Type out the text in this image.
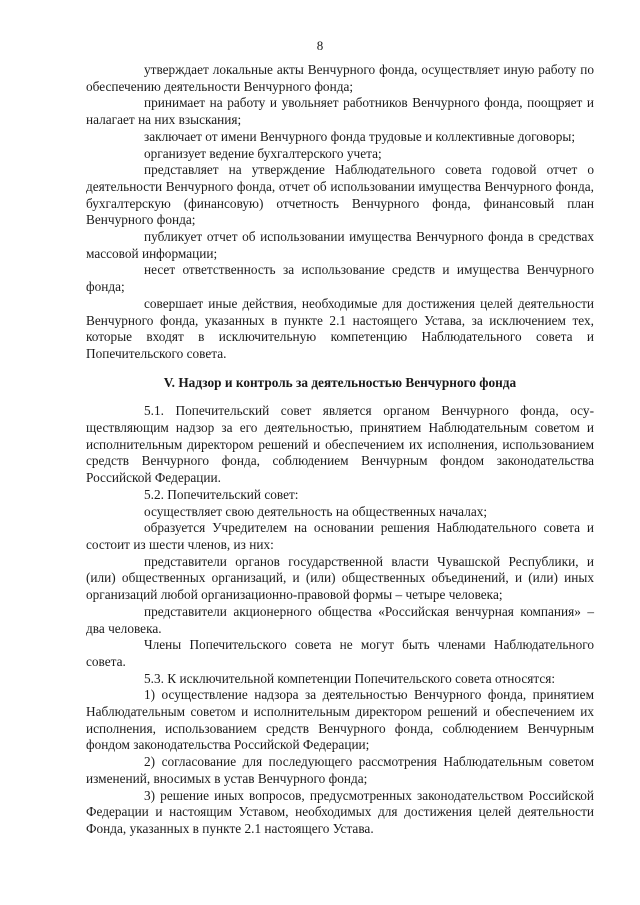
8

утверждает локальные акты Венчурного фонда, осуществляет иную работу по обеспечению деятельности Венчурного фонда;

принимает на работу и увольняет работников Венчурного фонда, поощряет и налагает на них взыскания;

заключает от имени Венчурного фонда трудовые и коллективные договоры;

организует ведение бухгалтерского учета;

представляет на утверждение Наблюдательного совета годовой отчет о деятельности Венчурного фонда, отчет об использовании имущества Венчурного фонда, бухгалтерскую (финансовую) отчетность Венчурного фонда, финансовый план Венчурного фонда;

публикует отчет об использовании имущества Венчурного фонда в средствах массовой информации;

несет ответственность за использование средств и имущества Венчурного фонда;

совершает иные действия, необходимые для достижения целей деятельности Венчурного фонда, указанных в пункте 2.1 настоящего Устава, за исключением тех, которые входят в исключительную компетенцию Наблюдательного совета и Попечительского совета.

V. Надзор и контроль за деятельностью Венчурного фонда

5.1. Попечительский совет является органом Венчурного фонда, осуществляющим надзор за его деятельностью, принятием Наблюдательным советом и исполнительным директором решений и обеспечением их исполнения, использованием средств Венчурного фонда, соблюдением Венчурным фондом законодательства Российской Федерации.

5.2. Попечительский совет:

осуществляет свою деятельность на общественных началах;

образуется Учредителем на основании решения Наблюдательного совета и состоит из шести членов, из них:

представители органов государственной власти Чувашской Республики, и (или) общественных организаций, и (или) общественных объединений, и (или) иных организаций любой организационно-правовой формы – четыре человека;

представители акционерного общества «Российская венчурная компания» – два человека.

Члены Попечительского совета не могут быть членами Наблюдательного совета.

5.3. К исключительной компетенции Попечительского совета относятся:

1) осуществление надзора за деятельностью Венчурного фонда, принятием Наблюдательным советом и исполнительным директором решений и обеспечением их исполнения, использованием средств Венчурного фонда, соблюдением Венчурным фондом законодательства Российской Федерации;

2) согласование для последующего рассмотрения Наблюдательным советом изменений, вносимых в устав Венчурного фонда;

3) решение иных вопросов, предусмотренных законодательством Российской Федерации и настоящим Уставом, необходимых для достижения целей деятельности Фонда, указанных в пункте 2.1 настоящего Устава.
